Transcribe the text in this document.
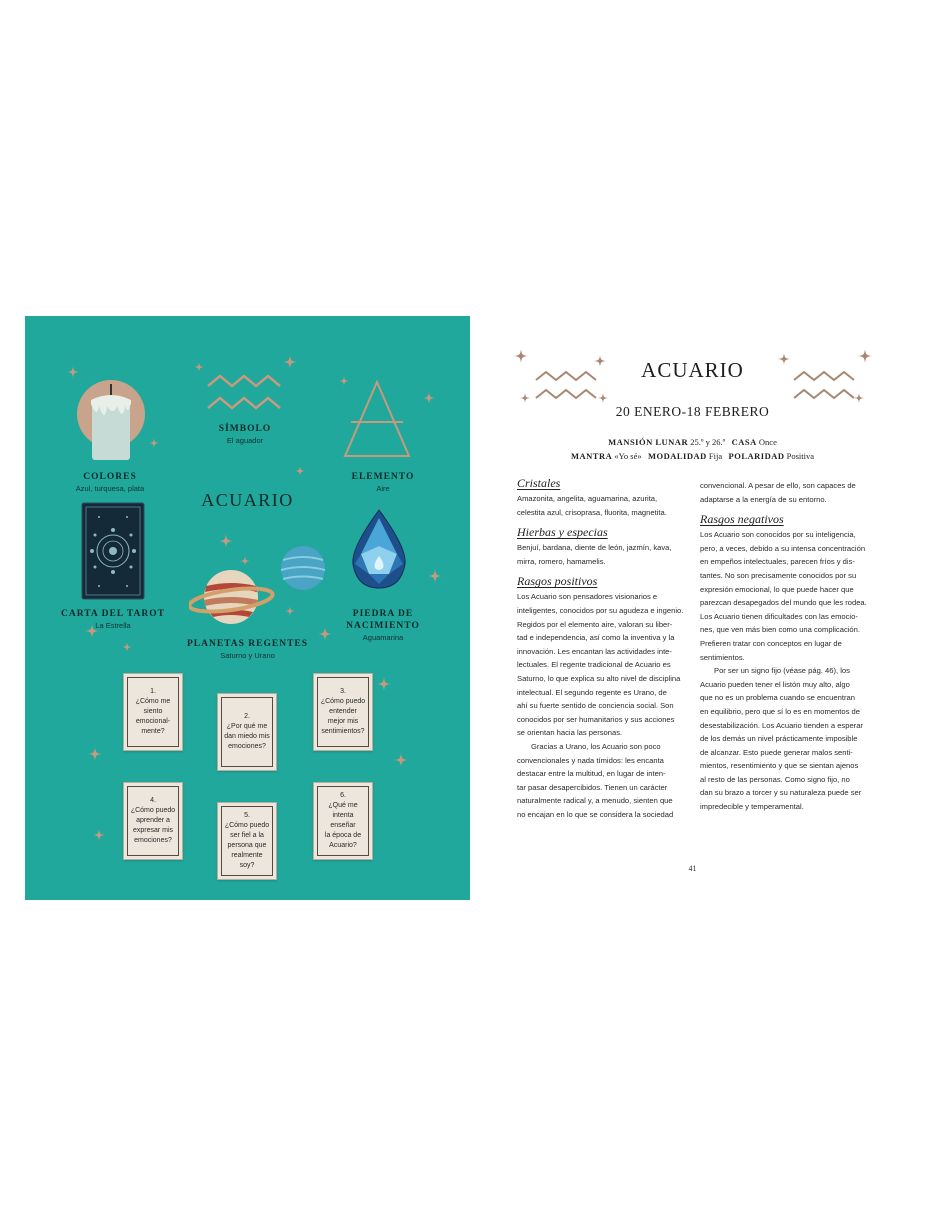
COLORES
Azul, turquesa, plata
SÍMBOLO
El aguador
ELEMENTO
Aire
ACUARIO
CARTA DEL TAROT
La Estrella
PLANETAS REGENTES
Saturno y Urano
PIEDRA DE
NACIMIENTO
Aguamarina
1.
¿Cómo me
siento
emocional-
mente?
2.
¿Por qué me
dan miedo mis
emociones?
3.
¿Cómo puedo
entender
mejor mis
sentimientos?
4.
¿Cómo puedo
aprender a
expresar mis
emociones?
5.
¿Cómo puedo
ser fiel a la
persona que
realmente soy?
6.
¿Qué me
intenta enseñar
la época de
Acuario?
ACUARIO
20 ENERO-18 FEBRERO
MANSIÓN LUNAR 25.º y 26.º CASA Once
MANTRA «Yo sé» MODALIDAD Fija POLARIDAD Positiva
Cristales
Amazonita, angelita, aguamarina, azurita,
celestita azul, crisoprasa, fluorita, magnetita.
Hierbas y especias
Benjuí, bardana, diente de león, jazmín, kava,
mirra, romero, hamamelis.
Rasgos positivos
Los Acuario son pensadores visionarios e
inteligentes, conocidos por su agudeza e ingenio.
Regidos por el elemento aire, valoran su liber-
tad e independencia, así como la inventiva y la
innovación. Les encantan las actividades inte-
lectuales. El regente tradicional de Acuario es
Saturno, lo que explica su alto nivel de disciplina
intelectual. El segundo regente es Urano, de
ahí su fuerte sentido de conciencia social. Son
conocidos por ser humanitarios y sus acciones
se orientan hacia las personas.
Gracias a Urano, los Acuario son poco
convencionales y nada tímidos: les encanta
destacar entre la multitud, en lugar de inten-
tar pasar desapercibidos. Tienen un carácter
naturalmente radical y, a menudo, sienten que
no encajan en lo que se considera la sociedad
convencional. A pesar de ello, son capaces de
adaptarse a la energía de su entorno.
Rasgos negativos
Los Acuario son conocidos por su inteligencia,
pero, a veces, debido a su intensa concentración
en empeños intelectuales, parecen fríos y dis-
tantes. No son precisamente conocidos por su
expresión emocional, lo que puede hacer que
parezcan desapegados del mundo que les rodea.
Los Acuario tienen dificultades con las emocio-
nes, que ven más bien como una complicación.
Prefieren tratar con conceptos en lugar de
sentimientos.
Por ser un signo fijo (véase pág. 46), los
Acuario pueden tener el listón muy alto, algo
que no es un problema cuando se encuentran
en equilibrio, pero que sí lo es en momentos de
desestabilización. Los Acuario tienden a esperar
de los demás un nivel prácticamente imposible
de alcanzar. Esto puede generar malos senti-
mientos, resentimiento y que se sientan ajenos
al resto de las personas. Como signo fijo, no
dan su brazo a torcer y su naturaleza puede ser
impredecible y temperamental.
41
